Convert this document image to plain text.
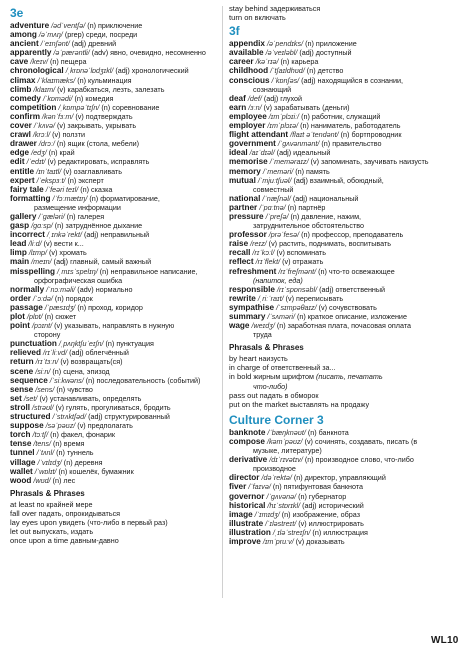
3e
adventure /ədˈventʃə/ (n) приключение
among /əˈmʌŋ/ (prep) среди, посреди
ancient /ˈeɪnʃənt/ (adj) древний
apparently /əˈpærəntli/ (adv) явно, очевидно, несомненно
cave /keɪv/ (n) пещера
chronological /ˌkrɒnəˈlɒdʒɪkl/ (adj) хронологический
climax /ˈklaɪmæks/ (n) кульминация
climb /klaɪm/ (v) карабкаться, лезть, залезать
comedy /ˈkɒmədi/ (n) комедия
competition /ˌkɒmpəˈtɪʃn/ (n) соревнование
confirm /kənˈfɜːm/ (v) подтверждать
cover /ˈkʌvə/ (v) закрывать, укрывать
crawl /krɔːl/ (v) ползти
drawer /drɔː/ (n) ящик (стола, мебели)
edge /edʒ/ (n) край
edit /ˈedɪt/ (v) редактировать, исправлять
entitle /ɪnˈtaɪtl/ (v) озаглавливать
expert /ˈekspɜːt/ (n) эксперт
fairy tale /ˈfeəri teɪl/ (n) сказка
formatting /ˈfɔːmætɪŋ/ (n) форматирование,
размещение информации
gallery /ˈɡæləri/ (n) галерея
gasp /ɡɑːsp/ (n) затруднённое дыхание
incorrect /ˌɪnkəˈrekt/ (adj) неправильный
lead /liːd/ (v) вести к...
limp /lɪmp/ (v) хромать
main /meɪn/ (adj) главный, самый важный
misspelling /ˌmɪsˈspelɪŋ/ (n) неправильное написание,
орфографическая ошибка
normally /ˈnɔːməli/ (adv) нормально
order /ˈɔːdə/ (n) порядок
passage /ˈpæsɪdʒ/ (n) проход, коридор
plot /plɒt/ (n) сюжет
point /pɔɪnt/ (v) указывать, направлять в нужную
сторону
punctuation /ˌpʌŋktʃuˈeɪʃn/ (n) пунктуация
relieved /rɪˈliːvd/ (adj) облегчённый
return /rɪˈtɜːn/ (v) возвращать(ся)
scene /siːn/ (n) сцена, эпизод
sequence /ˈsiːkwəns/ (n) последовательность (событий)
sense /sens/ (n) чувство
set /set/ (v) устанавливать, определять
stroll /strəʊl/ (v) гулять, прогуливаться, бродить
structured /ˈstrʌktʃəd/ (adj) структурированный
suppose /səˈpəʊz/ (v) предполагать
torch /tɔːtʃ/ (n) факел, фонарик
tense /tens/ (n) время
tunnel /ˈtʌnl/ (n) туннель
village /ˈvɪlɪdʒ/ (n) деревня
wallet /ˈwɒlɪt/ (n) кошелёк, бумажник
wood /wʊd/ (n) лес
Phrasals & Phrases
at least по крайней мере
fall over падать, опрокидываться
lay eyes upon увидеть (что-либо в первый раз)
let out выпускать, издать
once upon a time давным-давно
stay behind задерживаться
turn on включать
3f
appendix /əˈpendɪks/ (n) приложение
available /əˈveɪləbl/ (adj) доступный
career /kəˈrɪə/ (n) карьера
childhood /ˈtʃaɪldhʊd/ (n) детство
conscious /ˈkɒnʃəs/ (adj) находящийся в сознании,
сознающий
deaf /def/ (adj) глухой
earn /ɜːn/ (v) зарабатывать (деньги)
employee /ɪmˈplɔɪiː/ (n) работник, служащий
employer /ɪmˈplɔɪə/ (n) наниматель, работодатель
flight attendant /flaɪt əˈtendənt/ (n) бортпроводник
government /ˈɡʌvənmənt/ (n) правительство
ideal /aɪˈdɪəl/ (adj) идеальный
memorise /ˈmeməraɪz/ (v) запоминать, заучивать наизусть
memory /ˈmeməri/ (n) память
mutual /ˈmjuːtʃuəl/ (adj) взаимный, обоюдный,
совместный
national /ˈnæʃnəl/ (adj) национальный
partner /ˈpɑːtnə/ (n) партнёр
pressure /ˈpreʃə/ (n) давление, нажим,
затруднительное обстоятельство
professor /prəˈfesə/ (n) профессор, преподаватель
raise /reɪz/ (v) растить, поднимать, воспитывать
recall /rɪˈkɔːl/ (v) вспоминать
reflect /rɪˈflekt/ (v) отражать
refreshment /rɪˈfreʃmənt/ (n) что-то освежающее
(напиток, еда)
responsible /rɪˈspɒnsəbl/ (adj) ответственный
rewrite /ˌriːˈraɪt/ (v) переписывать
sympathise /ˈsɪmpəθaɪz/ (v) сочувствовать
summary /ˈsʌməri/ (n) краткое описание, изложение
wage /weɪdʒ/ (n) заработная плата, почасовая оплата
труда
Phrasals & Phrases
by heart наизусть
in charge of ответственный за...
in bold жирным шрифтом (писать, печатать
что-либо)
pass out падать в обморок
put on the market выставлять на продажу
Culture Corner 3
banknote /ˈbæŋknəʊt/ (n) банкнота
compose /kəmˈpəʊz/ (v) сочинять, создавать, писать (в
музыке, литературе)
derivative /dɪˈrɪvətɪv/ (n) производное слово, что-либо
производное
director /dəˈrektə/ (n) директор, управляющий
fiver /ˈfaɪvə/ (n) пятифунтовая банкнота
governor /ˈɡʌvənə/ (n) губернатор
historical /hɪˈstɒrɪkl/ (adj) исторический
image /ˈɪmɪdʒ/ (n) изображение, образ
illustrate /ˈɪləstreɪt/ (v) иллюстрировать
illustration /ˌɪləˈstreɪʃn/ (n) иллюстрация
improve /ɪmˈpruːv/ (v) доказывать
WL10
